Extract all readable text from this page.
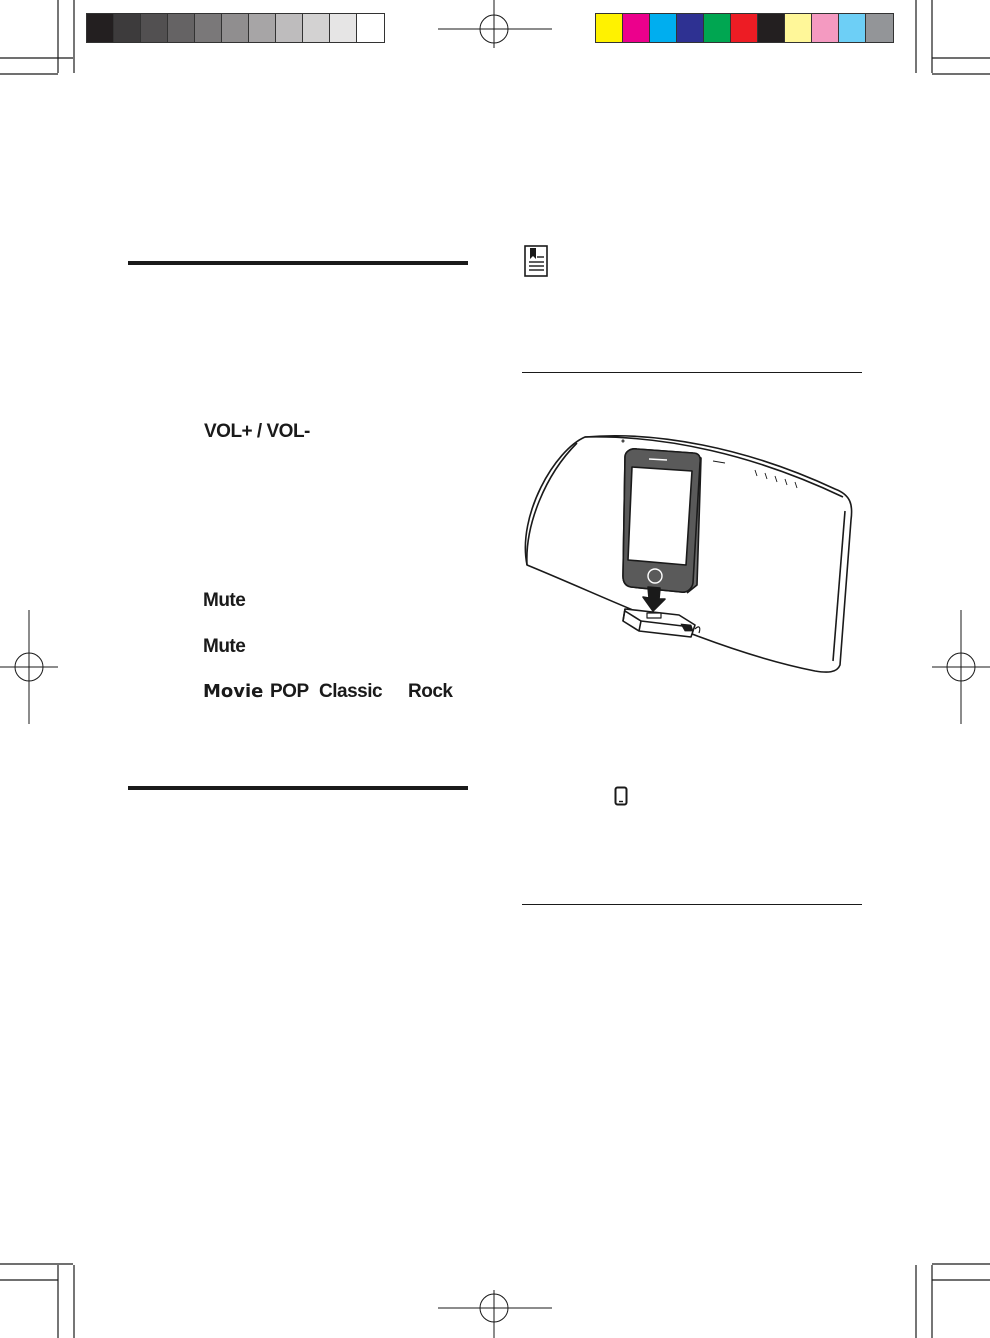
VOL+ / VOL-
Mute
Mute
Movie POP Classic Rock
